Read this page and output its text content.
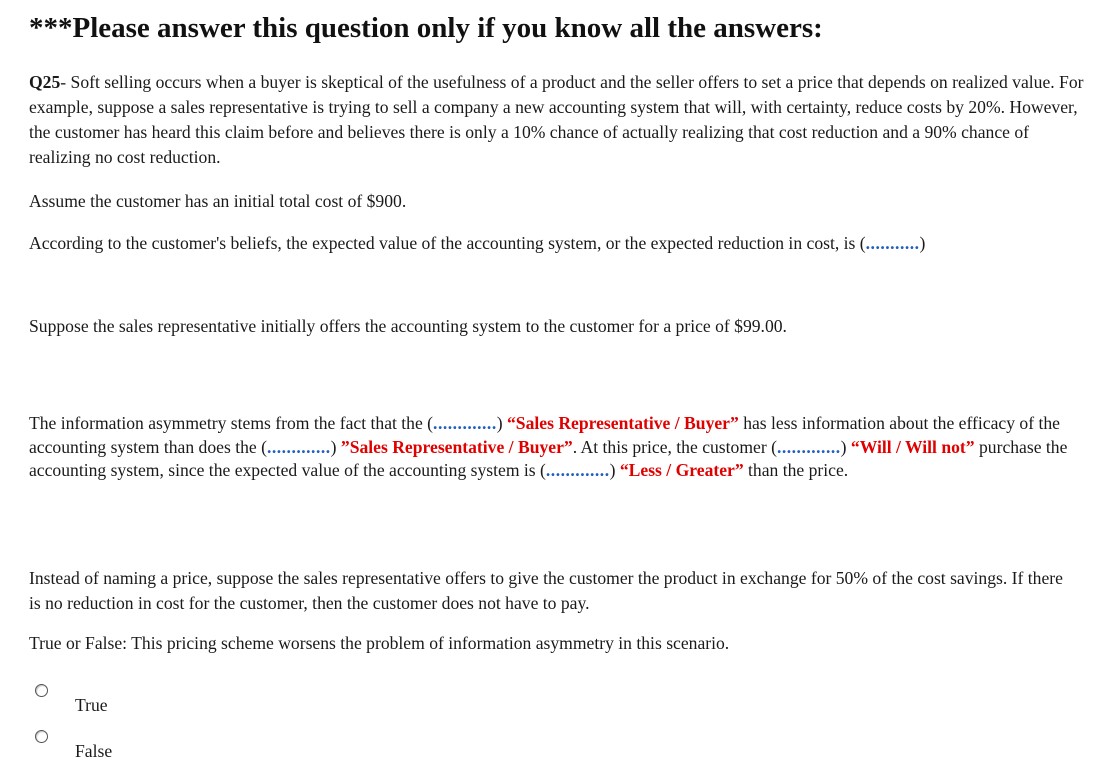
***Please answer this question only if you know all the answers:

Q25- Soft selling occurs when a buyer is skeptical of the usefulness of a product and the seller offers to set a price that depends on realized value. For example, suppose a sales representative is trying to sell a company a new accounting system that will, with certainty, reduce costs by 20%. However, the customer has heard this claim before and believes there is only a 10% chance of actually realizing that cost reduction and a 90% chance of realizing no cost reduction.

Assume the customer has an initial total cost of $900.

According to the customer's beliefs, the expected value of the accounting system, or the expected reduction in cost, is (...........)

Suppose the sales representative initially offers the accounting system to the customer for a price of $99.00.

The information asymmetry stems from the fact that the (.............) “Sales Representative / Buyer” has less information about the efficacy of the accounting system than does the (.............) ”Sales Representative / Buyer”. At this price, the customer (.............) “Will / Will not” purchase the accounting system, since the expected value of the accounting system is (.............) “Less / Greater” than the price.

Instead of naming a price, suppose the sales representative offers to give the customer the product in exchange for 50% of the cost savings. If there is no reduction in cost for the customer, then the customer does not have to pay.

True or False: This pricing scheme worsens the problem of information asymmetry in this scenario.

True
False
